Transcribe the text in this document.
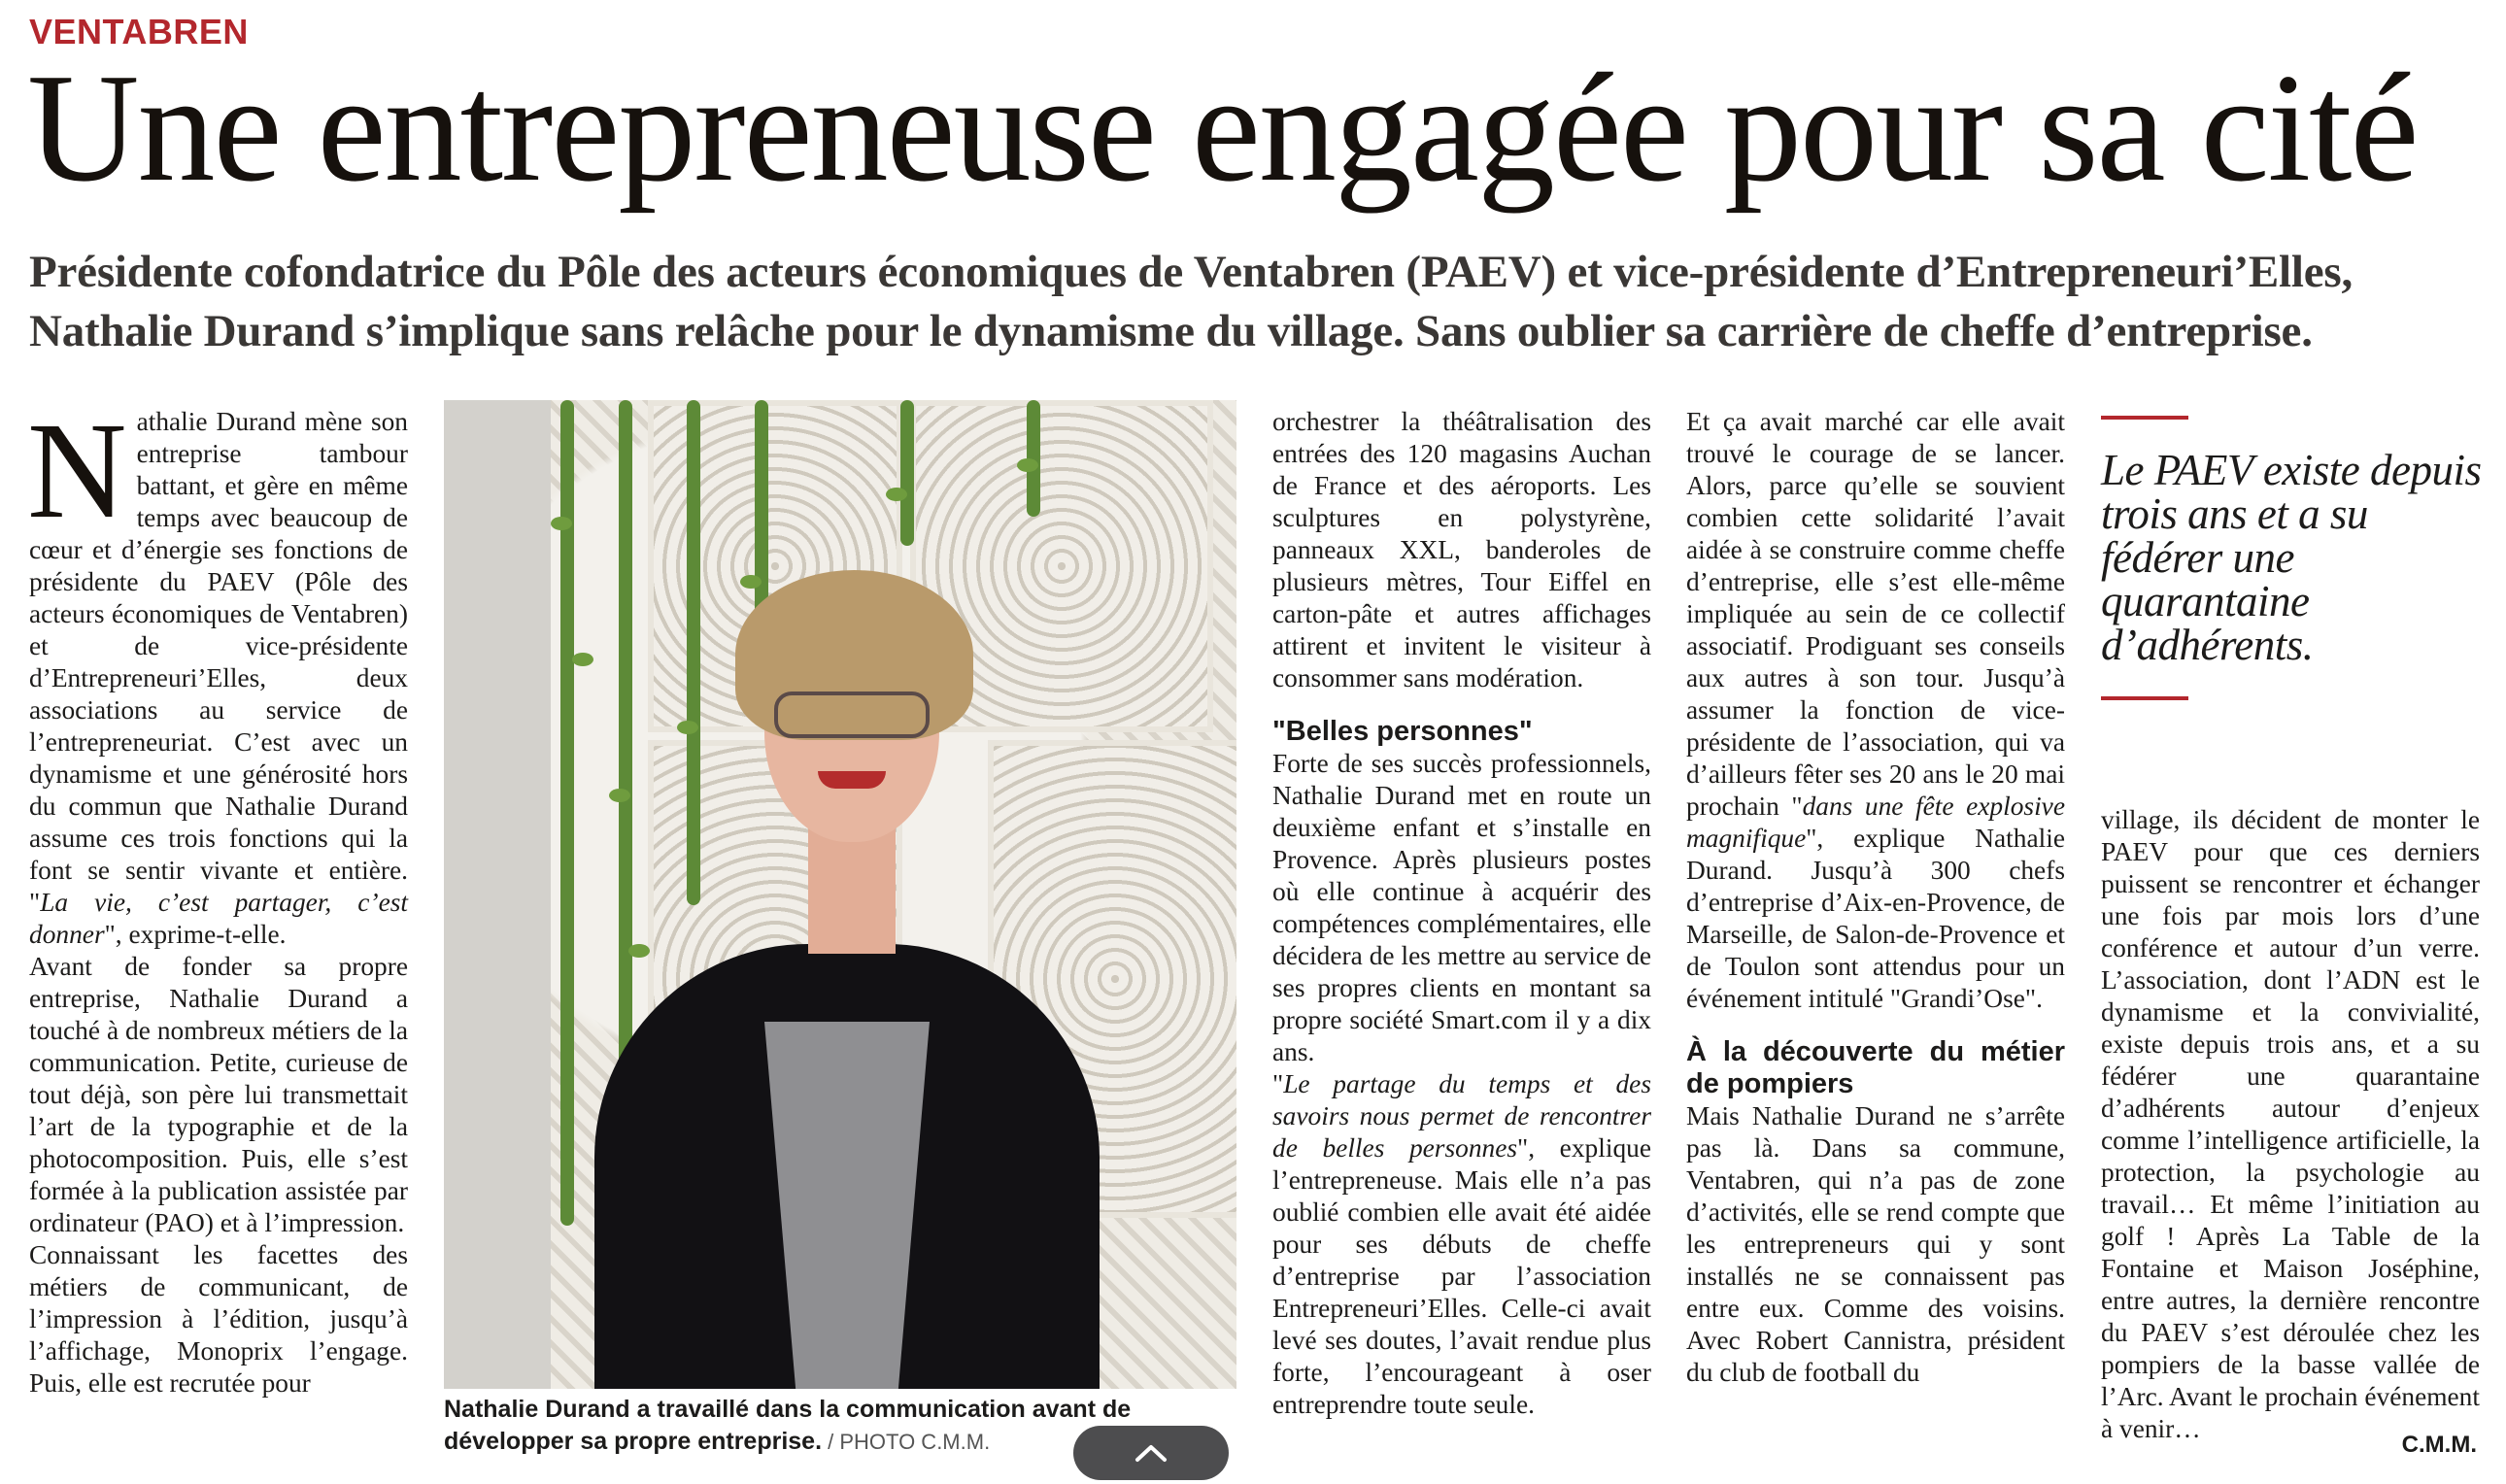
VENTABREN
Une entrepreneuse engagée pour sa cité
Présidente cofondatrice du Pôle des acteurs économiques de Ventabren (PAEV) et vice-présidente d’Entrepreneuri’Elles, Nathalie Durand s’implique sans relâche pour le dynamisme du village. Sans oublier sa carrière de cheffe d’entreprise.

Nathalie Durand mène son entreprise tambour battant, et gère en même temps avec beaucoup de cœur et d’énergie ses fonctions de présidente du PAEV (Pôle des acteurs économiques de Ventabren) et de vice-présidente d’Entrepreneuri’Elles, deux associations au service de l’entrepreneuriat. C’est avec un dynamisme et une générosité hors du commun que Nathalie Durand assume ces trois fonctions qui la font se sentir vivante et entière. "La vie, c’est partager, c’est donner", exprime-t-elle.

Avant de fonder sa propre entreprise, Nathalie Durand a touché à de nombreux métiers de la communication. Petite, curieuse de tout déjà, son père lui transmettait l’art de la typographie et de la photocomposition. Puis, elle s’est formée à la publication assistée par ordinateur (PAO) et à l’impression.

Connaissant les facettes des métiers de communicant, de l’impression à l’édition, jusqu’à l’affichage, Monoprix l’engage. Puis, elle est recrutée pour

Nathalie Durand a travaillé dans la communication avant de développer sa propre entreprise. / PHOTO C.M.M.

orchestrer la théâtralisation des entrées des 120 magasins Auchan de France et des aéroports. Les sculptures en polystyrène, panneaux XXL, banderoles de plusieurs mètres, Tour Eiffel en carton-pâte et autres affichages attirent et invitent le visiteur à consommer sans modération.

"Belles personnes"

Forte de ses succès professionnels, Nathalie Durand met en route un deuxième enfant et s’installe en Provence. Après plusieurs postes où elle continue à acquérir des compétences complémentaires, elle décidera de les mettre au service de ses propres clients en montant sa propre société Smart.com il y a dix ans.

"Le partage du temps et des savoirs nous permet de rencontrer de belles personnes", explique l’entrepreneuse. Mais elle n’a pas oublié combien elle avait été aidée pour ses débuts de cheffe d’entreprise par l’association Entrepreneuri’Elles. Celle-ci avait levé ses doutes, l’avait rendue plus forte, l’encourageant à oser entreprendre toute seule.

Et ça avait marché car elle avait trouvé le courage de se lancer. Alors, parce qu’elle se souvient combien cette solidarité l’avait aidée à se construire comme cheffe d’entreprise, elle s’est elle-même impliquée au sein de ce collectif associatif. Prodiguant ses conseils aux autres à son tour. Jusqu’à assumer la fonction de vice-présidente de l’association, qui va d’ailleurs fêter ses 20 ans le 20 mai prochain "dans une fête explosive magnifique", explique Nathalie Durand. Jusqu’à 300 chefs d’entreprise d’Aix-en-Provence, de Marseille, de Salon-de-Provence et de Toulon sont attendus pour un événement intitulé "Grandi’Ose".

À la découverte du métier de pompiers

Mais Nathalie Durand ne s’arrête pas là. Dans sa commune, Ventabren, qui n’a pas de zone d’activités, elle se rend compte que les entrepreneurs qui y sont installés ne se connaissent pas entre eux. Comme des voisins. Avec Robert Cannistra, président du club de football du

Le PAEV existe depuis trois ans et a su fédérer une quarantaine d’adhérents.

village, ils décident de monter le PAEV pour que ces derniers puissent se rencontrer et échanger une fois par mois lors d’une conférence et autour d’un verre. L’association, dont l’ADN est le dynamisme et la convivialité, existe depuis trois ans, et a su fédérer une quarantaine d’adhérents autour d’enjeux comme l’intelligence artificielle, la protection, la psychologie au travail… Et même l’initiation au golf ! Après La Table de la Fontaine et Maison Joséphine, entre autres, la dernière rencontre du PAEV s’est déroulée chez les pompiers de la basse vallée de l’Arc. Avant le prochain événement à venir…

C.M.M.
